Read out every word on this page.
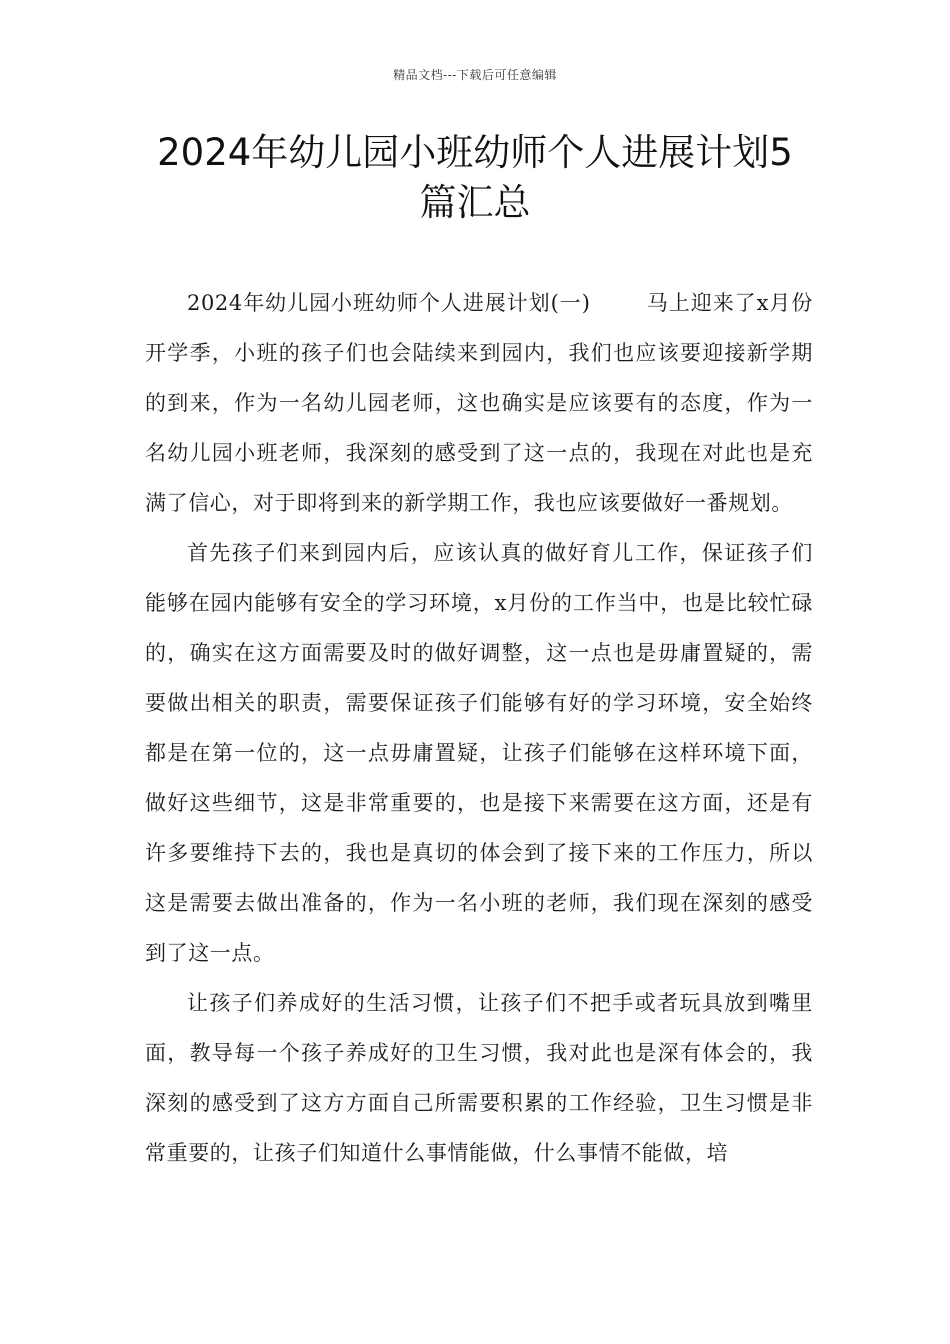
精品文档---下载后可任意编辑
2024年幼儿园小班幼师个人进展计划5
篇汇总

2024年幼儿园小班幼师个人进展计划(一)	马上迎来了x月份开学季，小班的孩子们也会陆续来到园内，我们也应该要迎接新学期的到来，作为一名幼儿园老师，这也确实是应该要有的态度，作为一名幼儿园小班老师，我深刻的感受到了这一点的，我现在对此也是充满了信心，对于即将到来的新学期工作，我也应该要做好一番规划。

首先孩子们来到园内后，应该认真的做好育儿工作，保证孩子们能够在园内能够有安全的学习环境，x月份的工作当中，也是比较忙碌的，确实在这方面需要及时的做好调整，这一点也是毋庸置疑的，需要做出相关的职责，需要保证孩子们能够有好的学习环境，安全始终都是在第一位的，这一点毋庸置疑，让孩子们能够在这样环境下面，做好这些细节，这是非常重要的，也是接下来需要在这方面，还是有许多要维持下去的，我也是真切的体会到了接下来的工作压力，所以这是需要去做出准备的，作为一名小班的老师，我们现在深刻的感受到了这一点。

让孩子们养成好的生活习惯，让孩子们不把手或者玩具放到嘴里面，教导每一个孩子养成好的卫生习惯，我对此也是深有体会的，我深刻的感受到了这方方面自己所需要积累的工作经验，卫生习惯是非常重要的，让孩子们知道什么事情能做，什么事情不能做，培
